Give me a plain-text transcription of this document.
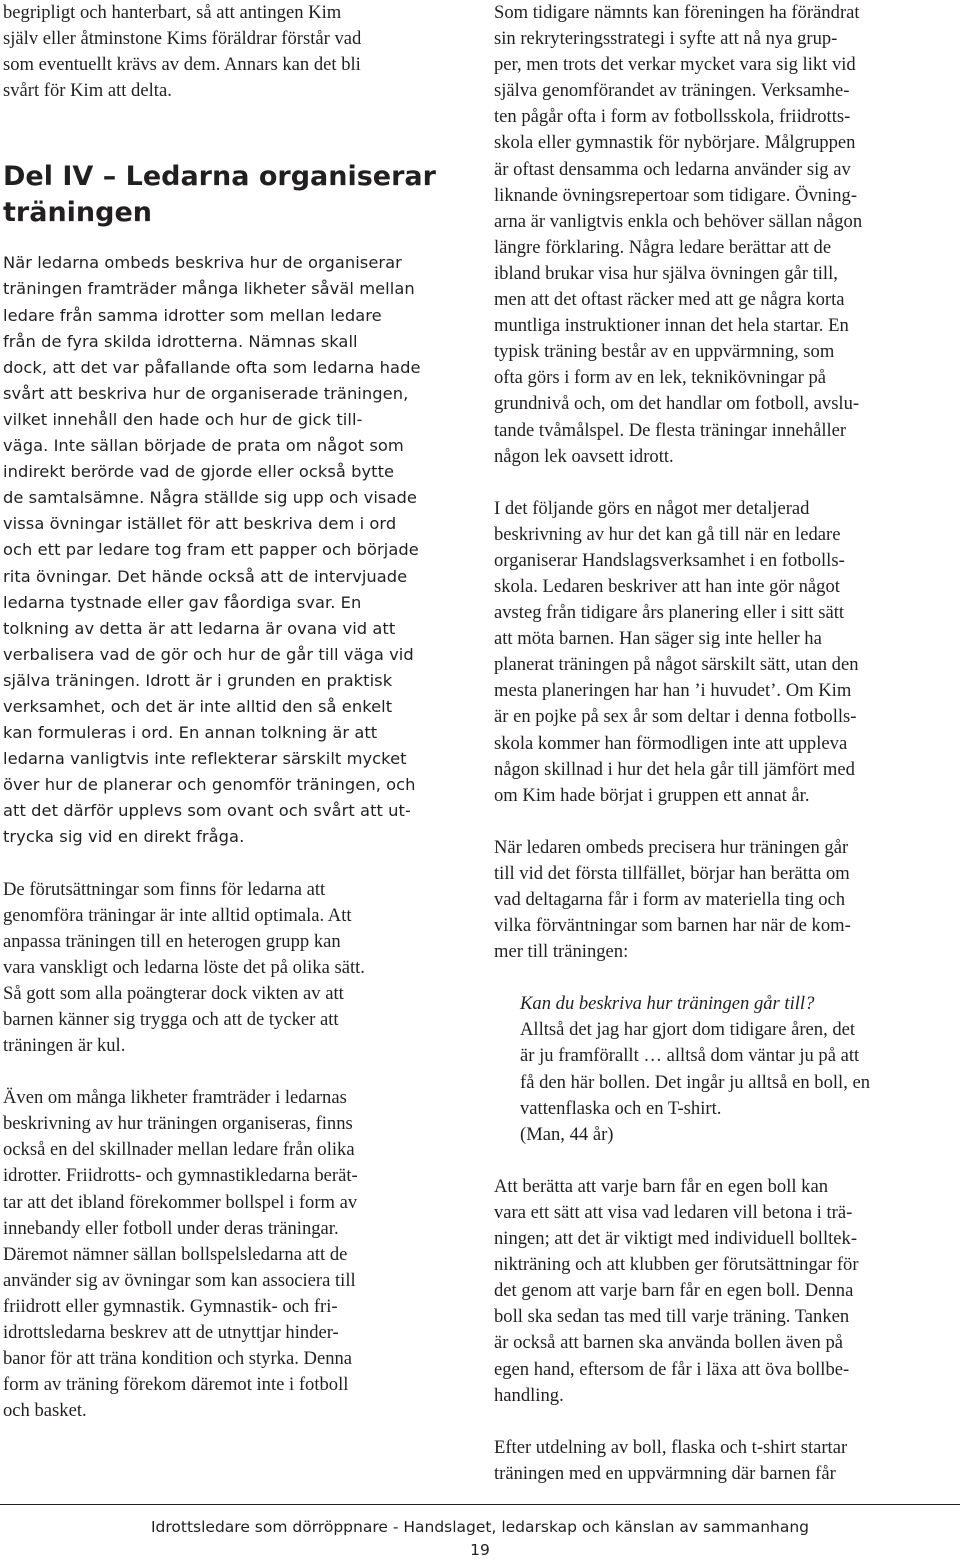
begripligt och hanterbart, så att antingen Kim

själv eller åtminstone Kims föräldrar förstår vad

som eventuellt krävs av dem. Annars kan det bli

svårt för Kim att delta.

Del IV – Ledarna organiserar

träningen

När ledarna ombeds beskriva hur de organiserar

träningen framträder många likheter såväl mellan

ledare från samma idrotter som mellan ledare

från de fyra skilda idrotterna. Nämnas skall

dock, att det var påfallande ofta som ledarna hade

svårt att beskriva hur de organiserade träningen,

vilket innehåll den hade och hur de gick till-

väga. Inte sällan började de prata om något som

indirekt berörde vad de gjorde eller också bytte

de samtalsämne. Några ställde sig upp och visade

vissa övningar istället för att beskriva dem i ord

och ett par ledare tog fram ett papper och började

rita övningar. Det hände också att de intervjuade

ledarna tystnade eller gav fåordiga svar. En

tolkning av detta är att ledarna är ovana vid att

verbalisera vad de gör och hur de går till väga vid

själva träningen. Idrott är i grunden en praktisk

verksamhet, och det är inte alltid den så enkelt

kan formuleras i ord. En annan tolkning är att

ledarna vanligtvis inte reflekterar särskilt mycket

över hur de planerar och genomför träningen, och

att det därför upplevs som ovant och svårt att ut-

trycka sig vid en direkt fråga.

De förutsättningar som finns för ledarna att

genomföra träningar är inte alltid optimala. Att

anpassa träningen till en heterogen grupp kan

vara vanskligt och ledarna löste det på olika sätt.

Så gott som alla poängterar dock vikten av att

barnen känner sig trygga och att de tycker att

träningen är kul.

Även om många likheter framträder i ledarnas

beskrivning av hur träningen organiseras, finns

också en del skillnader mellan ledare från olika

idrotter. Friidrotts- och gymnastikledarna berät-

tar att det ibland förekommer bollspel i form av

innebandy eller fotboll under deras träningar.

Däremot nämner sällan bollspelsledarna att de

använder sig av övningar som kan associera till

friidrott eller gymnastik. Gymnastik- och fri-

idrottsledarna beskrev att de utnyttjar hinder-

banor för att träna kondition och styrka. Denna

form av träning förekom däremot inte i fotboll

och basket.

Som tidigare nämnts kan föreningen ha förändrat

sin rekryteringsstrategi i syfte att nå nya grup-

per, men trots det verkar mycket vara sig likt vid

själva genomförandet av träningen. Verksamhe-

ten pågår ofta i form av fotbollsskola, friidrotts-

skola eller gymnastik för nybörjare. Målgruppen

är oftast densamma och ledarna använder sig av

liknande övningsrepertoar som tidigare. Övning-

arna är vanligtvis enkla och behöver sällan någon

längre förklaring. Några ledare berättar att de

ibland brukar visa hur själva övningen går till,

men att det oftast räcker med att ge några korta

muntliga instruktioner innan det hela startar. En

typisk träning består av en uppvärmning, som

ofta görs i form av en lek, teknikövningar på

grundnivå och, om det handlar om fotboll, avslu-

tande tvåmålspel. De flesta träningar innehåller

någon lek oavsett idrott.

I det följande görs en något mer detaljerad

beskrivning av hur det kan gå till när en ledare

organiserar Handslagsverksamhet i en fotbolls-

skola. Ledaren beskriver att han inte gör något

avsteg från tidigare års planering eller i sitt sätt

att möta barnen. Han säger sig inte heller ha

planerat träningen på något särskilt sätt, utan den

mesta planeringen har han ’i huvudet’. Om Kim

är en pojke på sex år som deltar i denna fotbolls-

skola kommer han förmodligen inte att uppleva

någon skillnad i hur det hela går till jämfört med

om Kim hade börjat i gruppen ett annat år.

När ledaren ombeds precisera hur träningen går

till vid det första tillfället, börjar han berätta om

vad deltagarna får i form av materiella ting och

vilka förväntningar som barnen har när de kom-

mer till träningen:

Kan du beskriva hur träningen går till?

Alltså det jag har gjort dom tidigare åren, det

är ju framförallt … alltså dom väntar ju på att

få den här bollen. Det ingår ju alltså en boll, en

vattenflaska och en T-shirt.

(Man, 44 år)

Att berätta att varje barn får en egen boll kan

vara ett sätt att visa vad ledaren vill betona i trä-

ningen; att det är viktigt med individuell bolltek-

nikträning och att klubben ger förutsättningar för

det genom att varje barn får en egen boll. Denna

boll ska sedan tas med till varje träning. Tanken

är också att barnen ska använda bollen även på

egen hand, eftersom de får i läxa att öva bollbe-

handling.

Efter utdelning av boll, flaska och t-shirt startar

träningen med en uppvärmning där barnen får

Idrottsledare som dörröppnare - Handslaget, ledarskap och känslan av sammanhang
19
